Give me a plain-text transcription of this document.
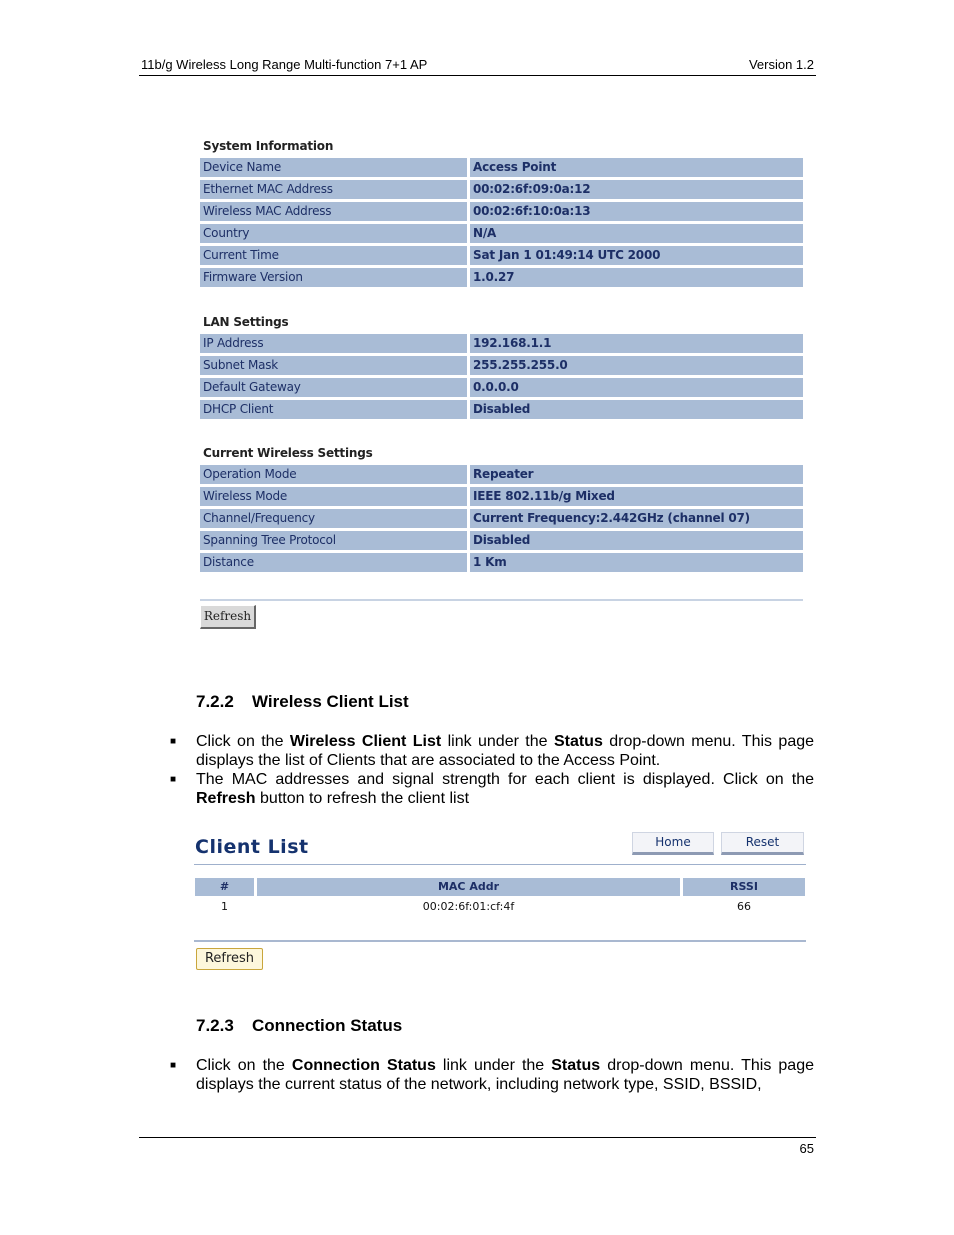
11b/g Wireless Long Range Multi-function 7+1 AP	Version 1.2
System Information
Device Name	Access Point
Ethernet MAC Address	00:02:6f:09:0a:12
Wireless MAC Address	00:02:6f:10:0a:13
Country	N/A
Current Time	Sat Jan 1 01:49:14 UTC 2000
Firmware Version	1.0.27
LAN Settings
IP Address	192.168.1.1
Subnet Mask	255.255.255.0
Default Gateway	0.0.0.0
DHCP Client	Disabled
Current Wireless Settings
Operation Mode	Repeater
Wireless Mode	IEEE 802.11b/g Mixed
Channel/Frequency	Current Frequency:2.442GHz (channel 07)
Spanning Tree Protocol	Disabled
Distance	1 Km
Refresh
7.2.2 Wireless Client List
■ Click on the Wireless Client List link under the Status drop-down menu. This page displays the list of Clients that are associated to the Access Point.
■ The MAC addresses and signal strength for each client is displayed. Click on the Refresh button to refresh the client list
Client List	Home	Reset
#	MAC Addr	RSSI
1	00:02:6f:01:cf:4f	66
Refresh
7.2.3 Connection Status
■ Click on the Connection Status link under the Status drop-down menu. This page displays the current status of the network, including network type, SSID, BSSID,
65
